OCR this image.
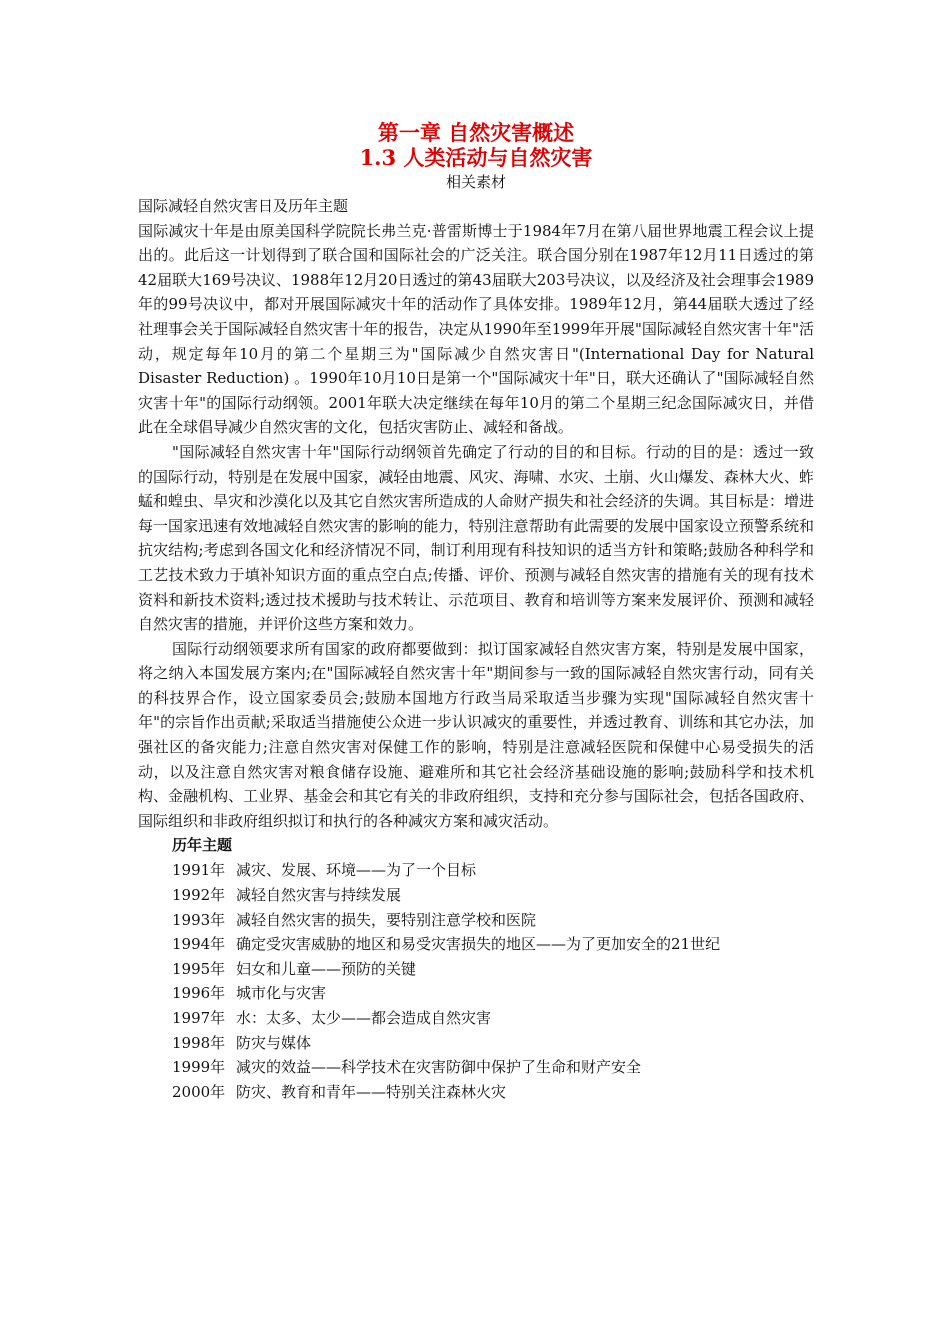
第一章 自然灾害概述
1.3 人类活动与自然灾害

相关素材

国际减轻自然灾害日及历年主题

国际减灾十年是由原美国科学院院长弗兰克·普雷斯博士于1984年7月在第八届世界地震工程会议上提出的。此后这一计划得到了联合国和国际社会的广泛关注。联合国分别在1987年12月11日透过的第42届联大169号决议、1988年12月20日透过的第43届联大203号决议，以及经济及社会理事会1989年的99号决议中，都对开展国际减灾十年的活动作了具体安排。1989年12月，第44届联大透过了经社理事会关于国际减轻自然灾害十年的报告，决定从1990年至1999年开展"国际减轻自然灾害十年"活动，规定每年10月的第二个星期三为"国际减少自然灾害日"(International Day for Natural Disaster Reduction) 。1990年10月10日是第一个"国际减灾十年"日，联大还确认了"国际减轻自然灾害十年"的国际行动纲领。2001年联大决定继续在每年10月的第二个星期三纪念国际减灾日，并借此在全球倡导减少自然灾害的文化，包括灾害防止、减轻和备战。

"国际减轻自然灾害十年"国际行动纲领首先确定了行动的目的和目标。行动的目的是：透过一致的国际行动，特别是在发展中国家，减轻由地震、风灾、海啸、水灾、土崩、火山爆发、森林大火、蚱蜢和蝗虫、旱灾和沙漠化以及其它自然灾害所造成的人命财产损失和社会经济的失调。其目标是：增进每一国家迅速有效地减轻自然灾害的影响的能力，特别注意帮助有此需要的发展中国家设立预警系统和抗灾结构;考虑到各国文化和经济情况不同，制订利用现有科技知识的适当方针和策略;鼓励各种科学和工艺技术致力于填补知识方面的重点空白点;传播、评价、预测与减轻自然灾害的措施有关的现有技术资料和新技术资料;透过技术援助与技术转让、示范项目、教育和培训等方案来发展评价、预测和减轻自然灾害的措施，并评价这些方案和效力。

国际行动纲领要求所有国家的政府都要做到：拟订国家减轻自然灾害方案，特别是发展中国家，将之纳入本国发展方案内;在"国际减轻自然灾害十年"期间参与一致的国际减轻自然灾害行动，同有关的科技界合作，设立国家委员会;鼓励本国地方行政当局采取适当步骤为实现"国际减轻自然灾害十年"的宗旨作出贡献;采取适当措施使公众进一步认识减灾的重要性，并透过教育、训练和其它办法，加强社区的备灾能力;注意自然灾害对保健工作的影响，特别是注意减轻医院和保健中心易受损失的活动，以及注意自然灾害对粮食储存设施、避难所和其它社会经济基础设施的影响;鼓励科学和技术机构、金融机构、工业界、基金会和其它有关的非政府组织，支持和充分参与国际社会，包括各国政府、国际组织和非政府组织拟订和执行的各种减灾方案和减灾活动。

历年主题

1991年 减灾、发展、环境——为了一个目标
1992年 减轻自然灾害与持续发展
1993年 减轻自然灾害的损失，要特别注意学校和医院
1994年 确定受灾害威胁的地区和易受灾害损失的地区——为了更加安全的21世纪
1995年 妇女和儿童——预防的关键
1996年 城市化与灾害
1997年 水：太多、太少——都会造成自然灾害
1998年 防灾与媒体
1999年 减灾的效益——科学技术在灾害防御中保护了生命和财产安全
2000年 防灾、教育和青年——特别关注森林火灾
